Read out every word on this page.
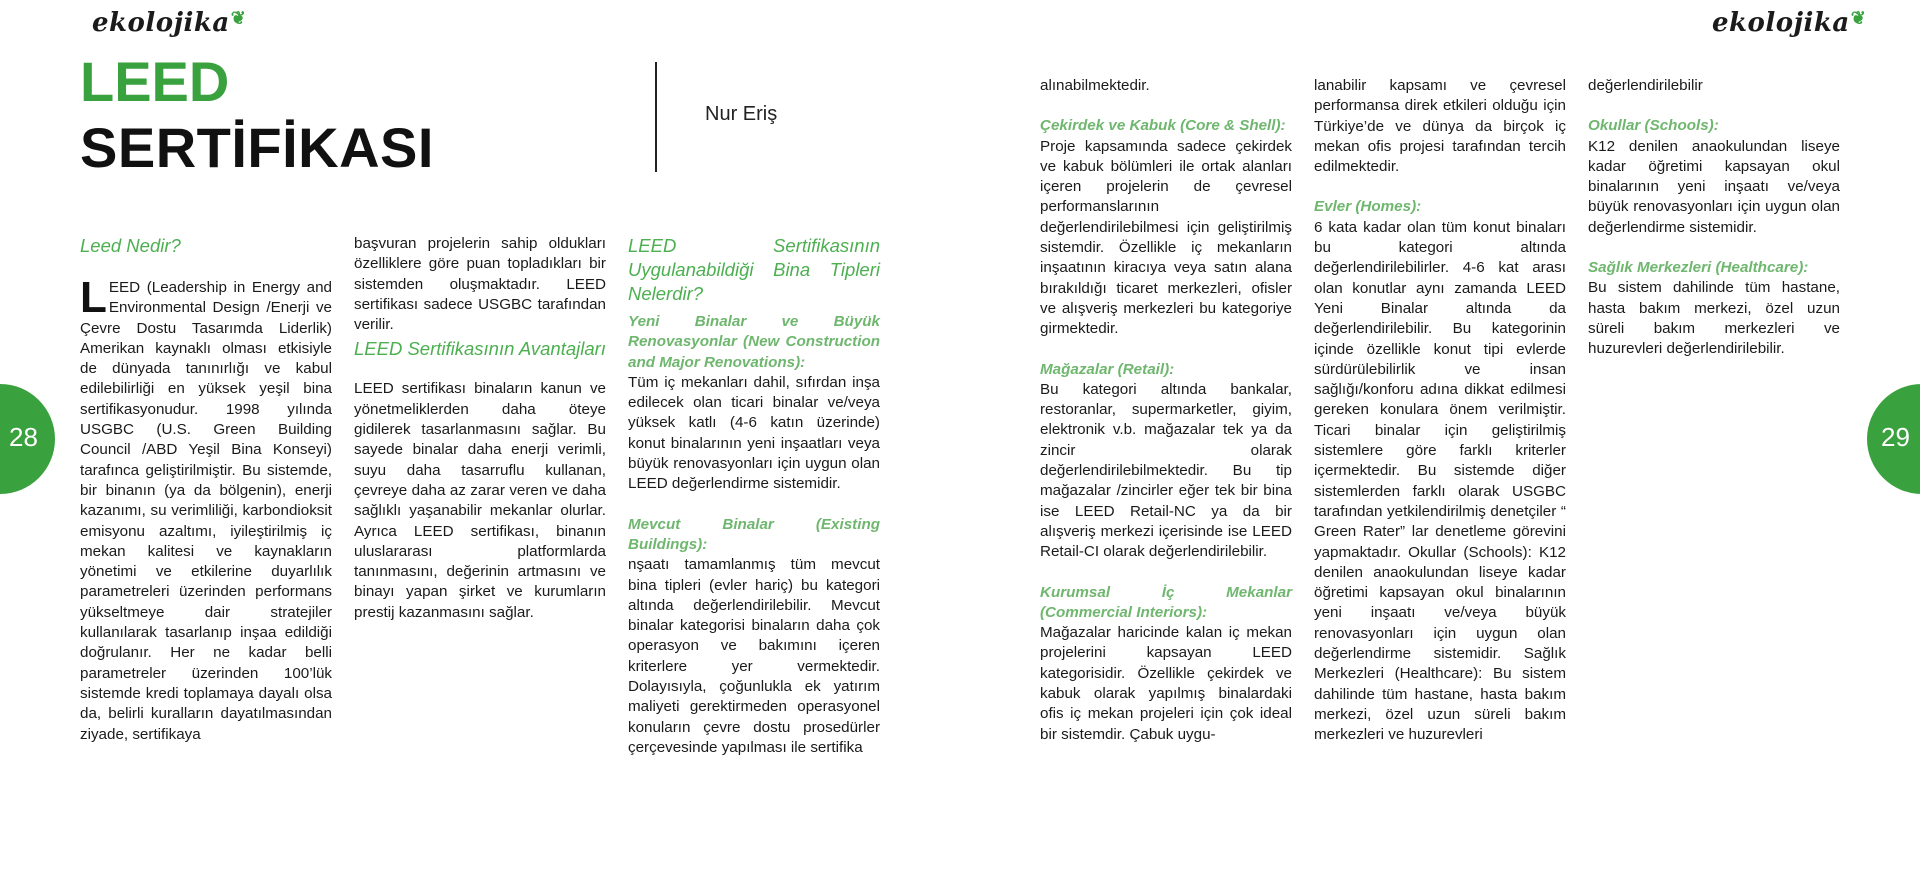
ekolojika❦	ekolojika❦
LEED
SERTİFİKASI
Nur Eriş
28	29

Leed Nedir?

LEED (Leadership in Energy and Environmental Design /Enerji ve Çevre Dostu Tasarımda Liderlik) Amerikan kaynaklı olması etkisiyle de dünyada tanınırlığı ve kabul edilebilirliği en yüksek yeşil bina sertifikasyonudur. 1998 yılında USGBC (U.S. Green Building Council /ABD Yeşil Bina Konseyi) tarafınca geliştirilmiştir. Bu sistemde, bir binanın (ya da bölgenin), enerji kazanımı, su verimliliği, karbondioksit emisyonu azaltımı, iyileştirilmiş iç mekan kalitesi ve kaynakların yönetimi ve etkilerine duyarlılık parametreleri üzerinden performans yükseltmeye dair stratejiler kullanılarak tasarlanıp inşaa edildiği doğrulanır. Her ne kadar belli parametreler üzerinden 100’lük sistemde kredi toplamaya dayalı olsa da, belirli kuralların dayatılmasından ziyade, sertifikaya

başvuran projelerin sahip oldukları özelliklere göre puan topladıkları bir sistemden oluşmaktadır. LEED sertifikası sadece USGBC tarafından verilir.

LEED Sertifikasının Avantajları

LEED sertifikası binaların kanun ve yönetmeliklerden daha öteye gidilerek tasarlanmasını sağlar. Bu sayede binalar daha enerji verimli, suyu daha tasarruflu kullanan, çevreye daha az zarar veren ve daha sağlıklı yaşanabilir mekanlar olurlar. Ayrıca LEED sertifikası, binanın uluslararası platformlarda tanınmasını, değerinin artmasını ve binayı yapan şirket ve kurumların prestij kazanmasını sağlar.

LEED Sertifikasının Uygulanabildiği Bina Tipleri Nelerdir?

Yeni Binalar ve Büyük Renovasyonlar (New Construction and Major Renovations):

Tüm iç mekanları dahil, sıfırdan inşa edilecek olan ticari binalar ve/veya yüksek katlı (4-6 katın üzerinde) konut binalarının yeni inşaatları veya büyük renovasyonları için uygun olan LEED değerlendirme sistemidir.

Mevcut Binalar (Existing Buildings):

nşaatı tamamlanmış tüm mevcut bina tipleri (evler hariç) bu kategori altında değerlendirilebilir. Mevcut binalar kategorisi binaların daha çok operasyon ve bakımını içeren kriterlere yer vermektedir. Dolayısıyla, çoğunlukla ek yatırım maliyeti gerektirmeden operasyonel konuların çevre dostu prosedürler çerçevesinde yapılması ile sertifika

alınabilmektedir.

Çekirdek ve Kabuk (Core & Shell):

Proje kapsamında sadece çekirdek ve kabuk bölümleri ile ortak alanları içeren projelerin de çevresel performanslarının değerlendirilebilmesi için geliştirilmiş sistemdir. Özellikle iç mekanların inşaatının kiracıya veya satın alana bırakıldığı ticaret merkezleri, ofisler ve alışveriş merkezleri bu kategoriye girmektedir.

Mağazalar (Retail):

Bu kategori altında bankalar, restoranlar, supermarketler, giyim, elektronik v.b. mağazalar tek ya da zincir olarak değerlendirilebilmektedir. Bu tip mağazalar /zincirler eğer tek bir bina ise LEED Retail-NC ya da bir alışveriş merkezi içerisinde ise LEED Retail-CI olarak değerlendirilebilir.

Kurumsal İç Mekanlar (Commercial Interiors):

Mağazalar haricinde kalan iç mekan projelerini kapsayan LEED kategorisidir. Özellikle çekirdek ve kabuk olarak yapılmış binalardaki ofis iç mekan projeleri için çok ideal bir sistemdir. Çabuk uygu-

lanabilir kapsamı ve çevresel performansa direk etkileri olduğu için Türkiye’de ve dünya da birçok iç mekan ofis projesi tarafından tercih edilmektedir.

Evler (Homes):

6 kata kadar olan tüm konut binaları bu kategori altında değerlendirilebilirler. 4-6 kat arası olan konutlar aynı zamanda LEED Yeni Binalar altında da değerlendirilebilir. Bu kategorinin içinde özellikle konut tipi evlerde sürdürülebilirlik ve insan sağlığı/konforu adına dikkat edilmesi gereken konulara önem verilmiştir. Ticari binalar için geliştirilmiş sistemlere göre farklı kriterler içermektedir. Bu sistemde diğer sistemlerden farklı olarak USGBC tarafından yetkilendirilmiş denetçiler “ Green Rater” lar denetleme görevini yapmaktadır. Okullar (Schools): K12 denilen anaokulundan liseye kadar öğretimi kapsayan okul binalarının yeni inşaatı ve/veya büyük renovasyonları için uygun olan değerlendirme sistemidir. Sağlık Merkezleri (Healthcare): Bu sistem dahilinde tüm hastane, hasta bakım merkezi, özel uzun süreli bakım merkezleri ve huzurevleri

değerlendirilebilir

Okullar (Schools):

K12 denilen anaokulundan liseye kadar öğretimi kapsayan okul binalarının yeni inşaatı ve/veya büyük renovasyonları için uygun olan değerlendirme sistemidir.

Sağlık Merkezleri (Healthcare):

Bu sistem dahilinde tüm hastane, hasta bakım merkezi, özel uzun süreli bakım merkezleri ve huzurevleri değerlendirilebilir.
